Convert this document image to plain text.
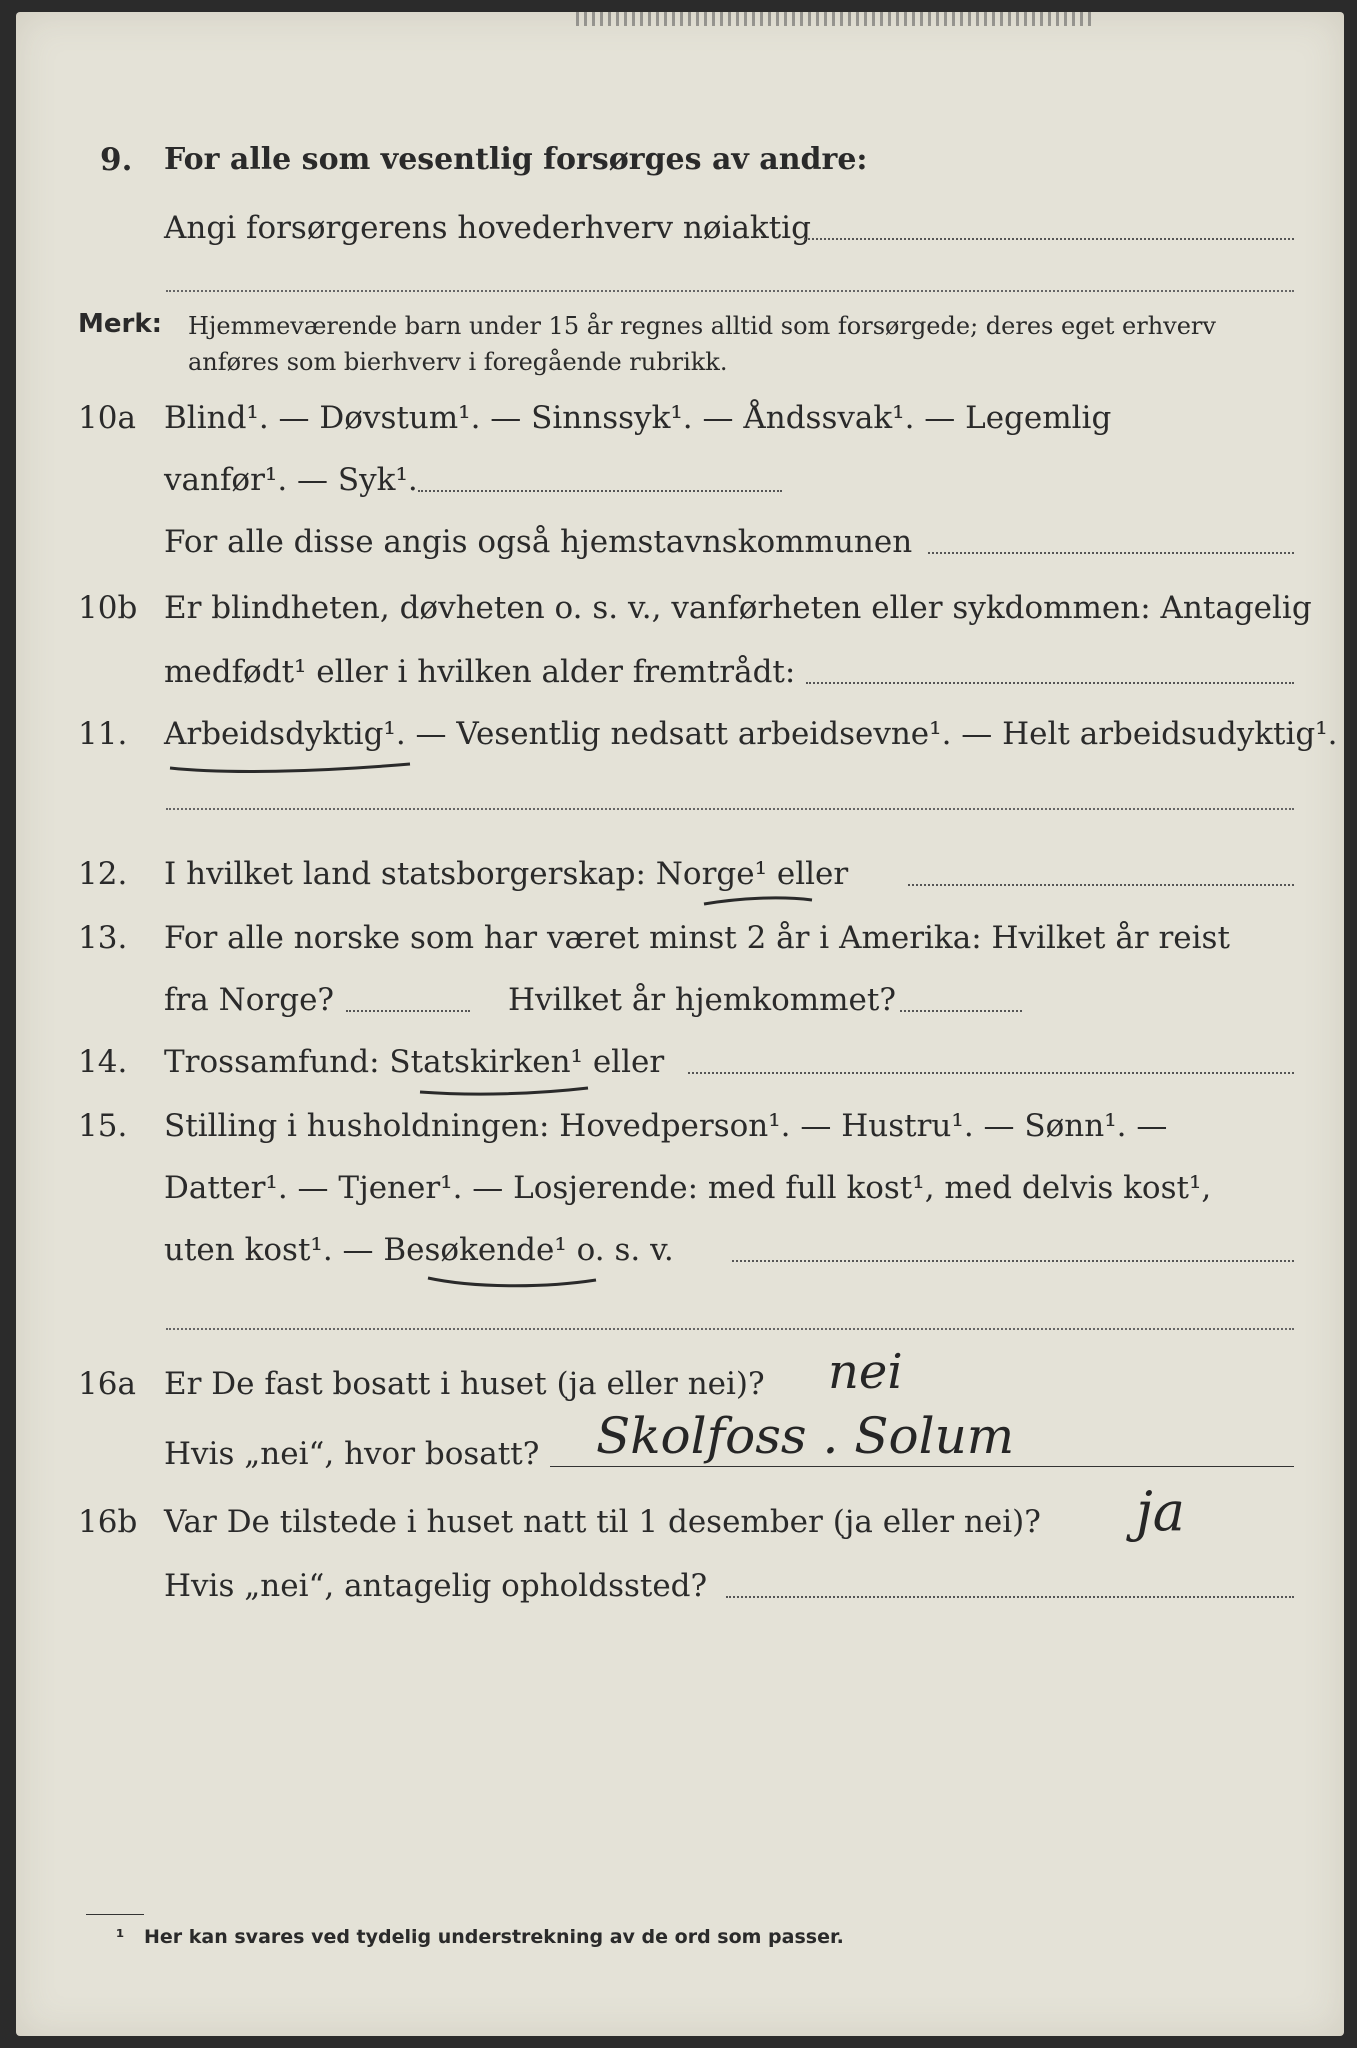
9. For alle som vesentlig forsørges av andre:
Angi forsørgerens hovederhverv nøiaktig
Merk: Hjemmeværende barn under 15 år regnes alltid som forsørgede; deres eget erhverv
anføres som bierhverv i foregående rubrikk.
10a Blind¹. — Døvstum¹. — Sinnssyk¹. — Åndssvak¹. — Legemlig
vanfør¹. — Syk¹.
For alle disse angis også hjemstavnskommunen
10b Er blindheten, døvheten o. s. v., vanførheten eller sykdommen: Antagelig
medfødt¹ eller i hvilken alder fremtrådt:
11. Arbeidsdyktig¹. — Vesentlig nedsatt arbeidsevne¹. — Helt arbeidsudyktig¹.
12. I hvilket land statsborgerskap: Norge¹ eller
13. For alle norske som har været minst 2 år i Amerika: Hvilket år reist
fra Norge?	Hvilket år hjemkommet?
14. Trossamfund: Statskirken¹ eller
15. Stilling i husholdningen: Hovedperson¹. — Hustru¹. — Sønn¹. —
Datter¹. — Tjener¹. — Losjerende: med full kost¹, med delvis kost¹,
uten kost¹. — Besøkende¹ o. s. v.
16a Er De fast bosatt i huset (ja eller nei)? nei
Hvis „nei“, hvor bosatt? Skolfoss . Solum
16b Var De tilstede i huset natt til 1 desember (ja eller nei)? ja
Hvis „nei“, antagelig opholdssted?
¹ Her kan svares ved tydelig understrekning av de ord som passer.
